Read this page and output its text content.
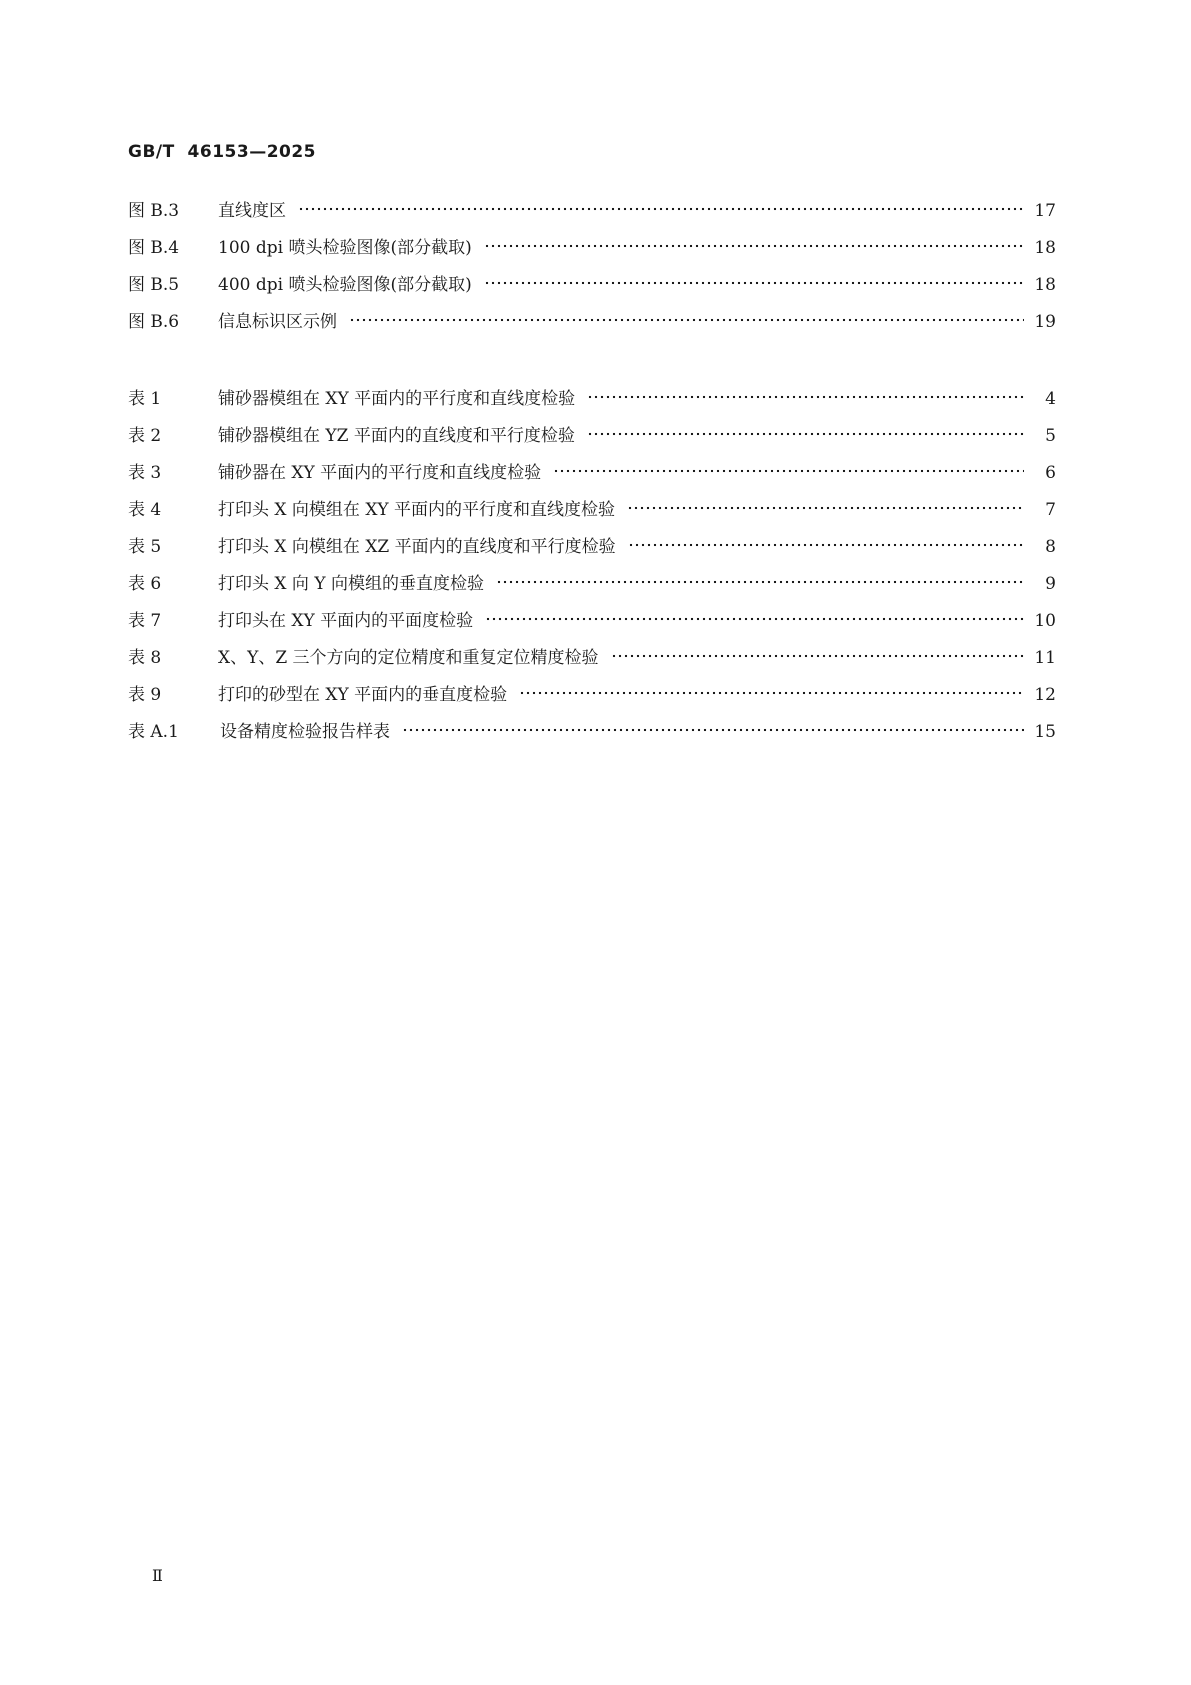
GB/T  46153—2025
图 B.3	直线度区	17
图 B.4	100 dpi 喷头检验图像(部分截取)	18
图 B.5	400 dpi 喷头检验图像(部分截取)	18
图 B.6	信息标识区示例	19
表 1	铺砂器模组在 XY 平面内的平行度和直线度检验	4
表 2	铺砂器模组在 YZ 平面内的直线度和平行度检验	5
表 3	铺砂器在 XY 平面内的平行度和直线度检验	6
表 4	打印头 X 向模组在 XY 平面内的平行度和直线度检验	7
表 5	打印头 X 向模组在 XZ 平面内的直线度和平行度检验	8
表 6	打印头 X 向 Y 向模组的垂直度检验	9
表 7	打印头在 XY 平面内的平面度检验	10
表 8	X、Y、Z 三个方向的定位精度和重复定位精度检验	11
表 9	打印的砂型在 XY 平面内的垂直度检验	12
表 A.1	设备精度检验报告样表	15
Ⅱ
